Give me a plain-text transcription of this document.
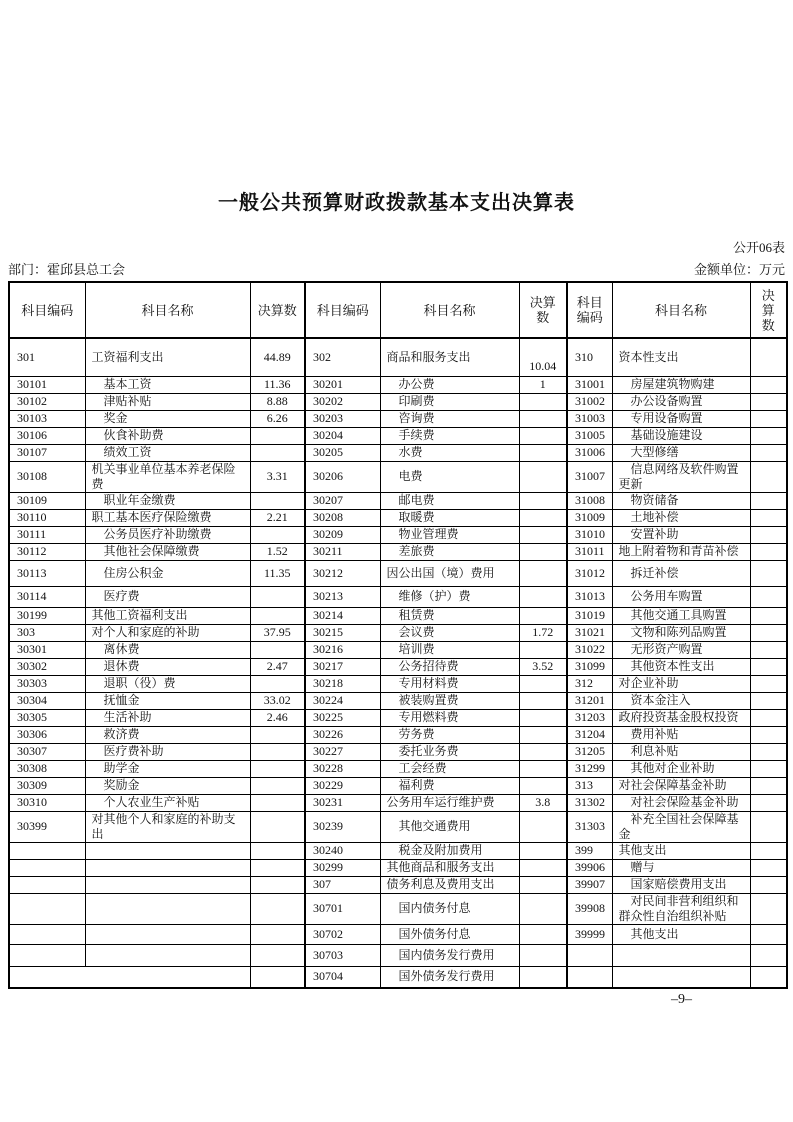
一般公共预算财政拨款基本支出决算表
公开06表
部门：霍邱县总工会	金额单位：万元
科目编码	科目名称	决算数	科目编码	科目名称	决算数	科目编码	科目名称	决算数
301	工资福利支出	44.89	302	商品和服务支出	10.04	310	资本性支出	
30101	基本工资	11.36	30201	办公费	1	31001	房屋建筑物购建	
30102	津贴补贴	8.88	30202	印刷费		31002	办公设备购置	
30103	奖金	6.26	30203	咨询费		31003	专用设备购置	
30106	伙食补助费		30204	手续费		31005	基础设施建设	
30107	绩效工资		30205	水费		31006	大型修缮	
30108	机关事业单位基本养老保险费	3.31	30206	电费		31007	信息网络及软件购置更新	
30109	职业年金缴费		30207	邮电费		31008	物资储备	
30110	职工基本医疗保险缴费	2.21	30208	取暖费		31009	土地补偿	
30111	公务员医疗补助缴费		30209	物业管理费		31010	安置补助	
30112	其他社会保障缴费	1.52	30211	差旅费		31011	地上附着物和青苗补偿	
30113	住房公积金	11.35	30212	因公出国（境）费用		31012	拆迁补偿	
30114	医疗费		30213	维修（护）费		31013	公务用车购置	
30199	其他工资福利支出		30214	租赁费		31019	其他交通工具购置	
303	对个人和家庭的补助	37.95	30215	会议费	1.72	31021	文物和陈列品购置	
30301	离休费		30216	培训费		31022	无形资产购置	
30302	退休费	2.47	30217	公务招待费	3.52	31099	其他资本性支出	
30303	退职（役）费		30218	专用材料费		312	对企业补助	
30304	抚恤金	33.02	30224	被装购置费		31201	资本金注入	
30305	生活补助	2.46	30225	专用燃料费		31203	政府投资基金股权投资	
30306	救济费		30226	劳务费		31204	费用补贴	
30307	医疗费补助		30227	委托业务费		31205	利息补贴	
30308	助学金		30228	工会经费		31299	其他对企业补助	
30309	奖励金		30229	福利费		313	对社会保障基金补助	
30310	个人农业生产补贴		30231	公务用车运行维护费	3.8	31302	对社会保险基金补助	
30399	对其他个人和家庭的补助支出		30239	其他交通费用		31303	补充全国社会保障基金	
			30240	税金及附加费用		399	其他支出	
			30299	其他商品和服务支出		39906	赠与	
			307	债务利息及费用支出		39907	国家赔偿费用支出	
			30701	国内债务付息		39908	对民间非营利组织和群众性自治组织补贴	
			30702	国外债务付息		39999	其他支出	
			30703	国内债务发行费用				
			30704	国外债务发行费用				
–9–
